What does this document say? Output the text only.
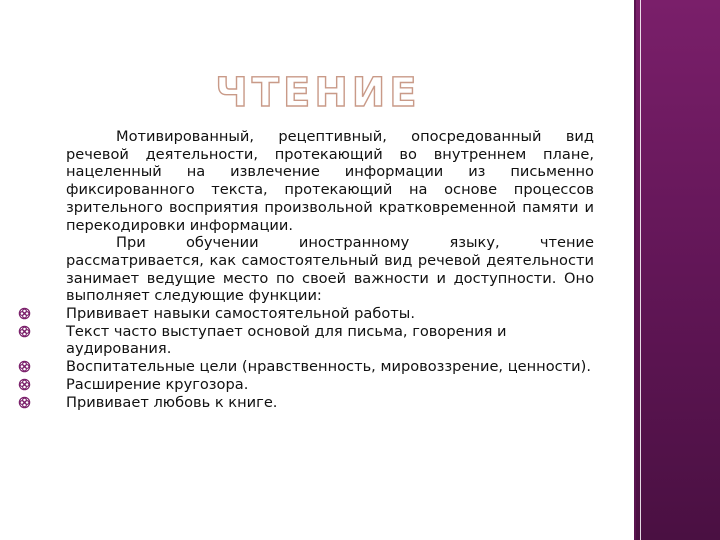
ЧТЕНИЕ

Мотивированный, рецептивный, опосредованный вид речевой деятельности, протекающий во внутреннем плане, нацеленный на извлечение информации из письменно фиксированного текста, протекающий на основе процессов зрительного восприятия произвольной кратковременной памяти и перекодировки информации.

При обучении иностранному языку, чтение рассматривается, как самостоятельный вид речевой деятельности занимает ведущие место по своей важности и доступности. Оно выполняет следующие функции:

Прививает навыки самостоятельной работы.
Текст часто выступает основой для письма, говорения и аудирования.
Воспитательные цели (нравственность, мировоззрение, ценности).
Расширение кругозора.
Прививает любовь к книге.
